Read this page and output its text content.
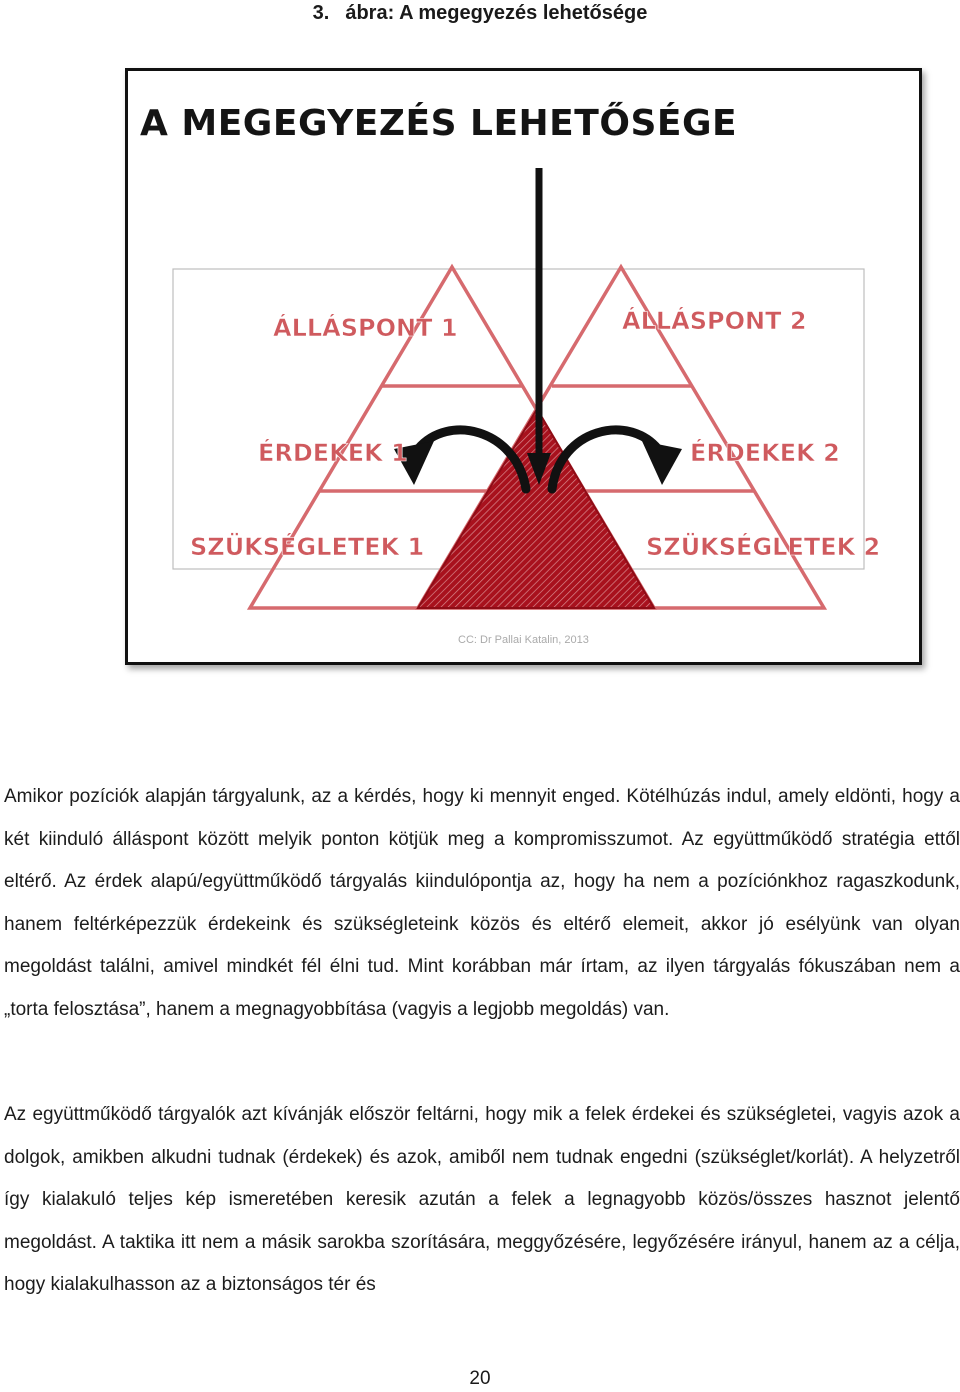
3. ábra: A megegyezés lehetősége
A MEGEGYEZÉS LEHETŐSÉGE
ÁLLÁSPONT 1
ÉRDEKEK 1
SZÜKSÉGLETEK 1
ÁLLÁSPONT 2
ÉRDEKEK 2
SZÜKSÉGLETEK 2
CC: Dr Pallai Katalin, 2013
Amikor pozíciók alapján tárgyalunk, az a kérdés, hogy ki mennyit enged. Kötélhúzás indul, amely eldönti, hogy a két kiinduló álláspont között melyik ponton kötjük meg a kompromisszumot. Az együttműködő stratégia ettől eltérő. Az érdek alapú/együttműködő tárgyalás kiindulópontja az, hogy ha nem a pozíciónkhoz ragaszkodunk, hanem feltérképezzük érdekeink és szükségleteink közös és eltérő elemeit, akkor jó esélyünk van olyan megoldást találni, amivel mindkét fél élni tud. Mint korábban már írtam, az ilyen tárgyalás fókuszában nem a „torta felosztása”, hanem a megnagyobbítása (vagyis a legjobb megoldás) van.
Az együttműködő tárgyalók azt kívánják először feltárni, hogy mik a felek érdekei és szükségletei, vagyis azok a dolgok, amikben alkudni tudnak (érdekek) és azok, amiből nem tudnak engedni (szükséglet/korlát). A helyzetről így kialakuló teljes kép ismeretében keresik azután a felek a legnagyobb közös/összes hasznot jelentő megoldást. A taktika itt nem a másik sarokba szorítására, meggyőzésére, legyőzésére irányul, hanem az a célja, hogy kialakulhasson az a biztonságos tér és
20
